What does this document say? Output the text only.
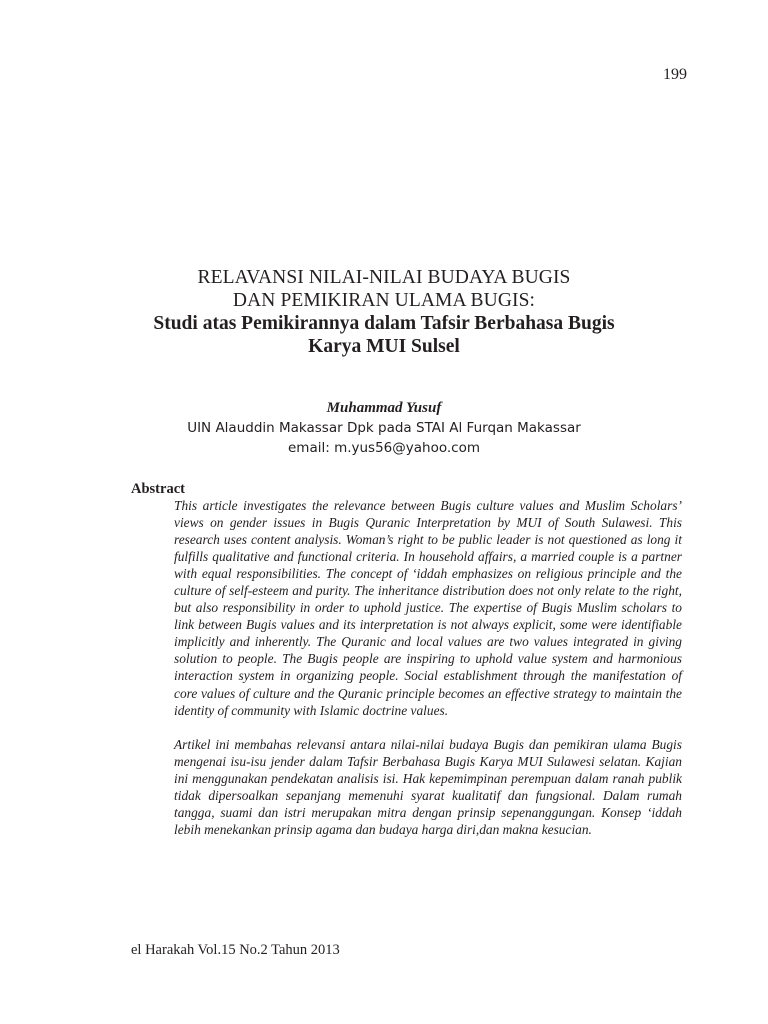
199
RELAVANSI NILAI-NILAI BUDAYA BUGIS
DAN PEMIKIRAN ULAMA BUGIS:
Studi atas Pemikirannya dalam Tafsir Berbahasa Bugis
Karya MUI Sulsel
Muhammad Yusuf
UIN Alauddin Makassar Dpk pada STAI Al Furqan Makassar
email: m.yus56@yahoo.com
Abstract

This article investigates the relevance between Bugis culture values and Muslim Scholars’ views on gender issues in Bugis Quranic Interpretation by MUI of South Sulawesi. This research uses content analysis. Woman’s right to be public leader is not questioned as long it fulfills qualitative and functional criteria. In household affairs, a married couple is a partner with equal responsibilities. The concept of ‘iddah emphasizes on religious principle and the culture of self-esteem and purity. The inheritance distribution does not only relate to the right, but also responsibility in order to uphold justice. The expertise of Bugis Muslim scholars to link between Bugis values and its interpretation is not always explicit, some were identifiable implicitly and inherently. The Quranic and local values are two values integrated in giving solution to people. The Bugis people are inspiring to uphold value system and harmonious interaction system in organizing people. Social establishment through the manifestation of core values of culture and the Quranic principle becomes an effective strategy to maintain the identity of community with Islamic doctrine values.

Artikel ini membahas relevansi antara nilai-nilai budaya Bugis dan pemikiran ulama Bugis mengenai isu-isu jender dalam Tafsir Berbahasa Bugis Karya MUI Sulawesi selatan. Kajian ini menggunakan pendekatan analisis isi. Hak kepemimpinan perempuan dalam ranah publik tidak dipersoalkan sepanjang memenuhi syarat kualitatif dan fungsional. Dalam rumah tangga, suami dan istri merupakan mitra dengan prinsip sepenanggungan. Konsep ‘iddah lebih menekankan prinsip agama dan budaya harga diri,dan makna kesucian.

el Harakah Vol.15 No.2 Tahun 2013
